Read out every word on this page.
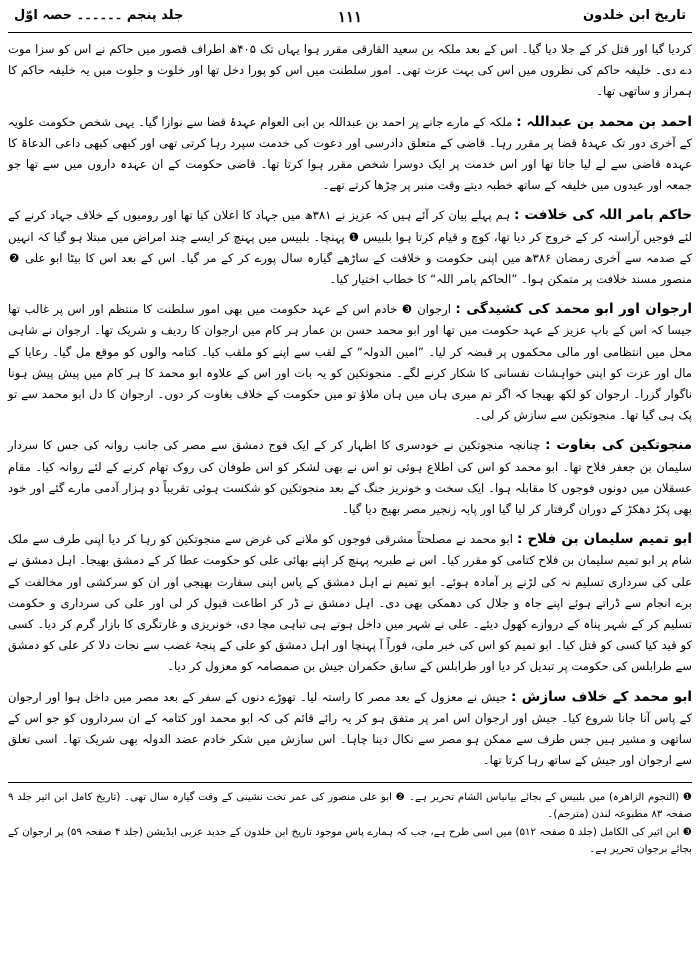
تاریخ ابن خلدون
۱۱۱
جلد پنجم ۔۔۔۔۔۔ حصہ اوّل

کردیا گیا اور قتل کر کے جلا دیا گیا۔ اس کے بعد ملکہ بن سعید القارقی مقرر ہوا یہاں تک ۴۰۵ھ اطراف قصور میں حاکم نے اس کو سزا موت دے دی۔ خلیفہ حاکم کی نظروں میں اس کی بہت عزت تھی۔ امور سلطنت میں اس کو پورا دخل تھا اور خلوت و جلوت میں یہ خلیفہ حاکم کا ہمراز و ساتھی تھا۔

احمد بن محمد بن عبداللہ : ملکہ کے مارے جانے پر احمد بن عبداللہ بن ابی العوام عہدۂ قضا سے نوازا گیا۔ یہی شخص حکومت علویہ کے آخری دور تک عہدۂ قضا پر مقرر رہا۔ قاضی کے متعلق دادرسی اور دعوت کی خدمت سپرد رہا کرتی تھی اور کبھی کبھی داعی الدعاۃ کا عہدہ قاضی سے لے لیا جاتا تھا اور اس خدمت پر ایک دوسرا شخص مقرر ہوا کرتا تھا۔ قاضی حکومت کے ان عہدہ داروں میں سے تھا جو جمعہ اور عیدوں میں خلیفہ کے ساتھ خطبہ دیتے وقت منبر پر چڑھا کرتے تھے۔

حاکم بامر اللہ کی خلافت : ہم پہلے بیان کر آئے ہیں کہ عزیز نے ۳۸۱ھ میں جہاد کا اعلان کیا تھا اور رومیوں کے خلاف جہاد کرنے کے لئے فوجیں آراستہ کر کے خروج کر دیا تھا، کوچ و قیام کرتا ہوا بلبیس ❶ پہنچا۔ بلبیس میں پہنچ کر ایسے چند امراض میں مبتلا ہو گیا کہ انہیں کے صدمہ سے آخری رمضان ۳۸۶ھ میں اپنی حکومت و خلافت کے ساڑھے گیارہ سال پورے کر کے مر گیا۔ اس کے بعد اس کا بیٹا ابو علی ❷ منصور مسند خلافت پر متمکن ہوا۔ ”الحاکم بامر اللہ“ کا خطاب اختیار کیا۔

ارجوان اور ابو محمد کی کشیدگی : ارجوان ❸ خادم اس کے عہد حکومت میں بھی امور سلطنت کا منتظم اور اس پر غالب تھا جیسا کہ اس کے باپ عزیز کے عہد حکومت میں تھا اور ابو محمد حسن بن عمار ہر کام میں ارجوان کا ردیف و شریک تھا۔ ارجوان نے شاہی محل میں انتظامی اور مالی محکموں پر قبضہ کر لیا۔ ”امین الدولہ“ کے لقب سے اپنے کو ملقب کیا۔ کتامہ والوں کو موقع مل گیا۔ رعایا کے مال اور عزت کو اپنی خواہشات نفسانی کا شکار کرنے لگے۔ منجوتکین کو یہ بات اور اس کے علاوہ ابو محمد کا ہر کام میں پیش پیش ہونا ناگوار گزرا۔ ارجوان کو لکھ بھیجا کہ اگر تم میری ہاں میں ہاں ملاؤ تو میں حکومت کے خلاف بغاوت کر دوں۔ ارجوان کا دل ابو محمد سے تو پک ہی گیا تھا۔ منجوتکین سے سازش کر لی۔

منجوتکین کی بغاوت : چنانچہ منجوتکین نے خودسری کا اظہار کر کے ایک فوج دمشق سے مصر کی جانب روانہ کی جس کا سردار سلیمان بن جعفر فلاح تھا۔ ابو محمد کو اس کی اطلاع ہوئی تو اس نے بھی لشکر کو اس طوفان کی روک تھام کرنے کے لئے روانہ کیا۔ مقام عسقلان میں دونوں فوجوں کا مقابلہ ہوا۔ ایک سخت و خونریز جنگ کے بعد منجوتکین کو شکست ہوئی تقریباً دو ہزار آدمی مارے گئے اور خود بھی پکڑ دھکڑ کے دوران گرفتار کر لیا گیا اور پابہ زنجیر مصر بھیج دیا گیا۔

ابو تمیم سلیمان بن فلاح : ابو محمد نے مصلحتاً مشرقی فوجوں کو ملانے کی غرض سے منجوتکین کو رہا کر دیا اپنی طرف سے ملک شام پر ابو تمیم سلیمان بن فلاح کتامی کو مقرر کیا۔ اس نے طبریہ پہنچ کر اپنے بھائی علی کو حکومت عطا کر کے دمشق بھیجا۔ اہل دمشق نے علی کی سرداری تسلیم نہ کی لڑنے پر آمادہ ہوئے۔ ابو تمیم نے اہل دمشق کے پاس اپنی سفارت بھیجی اور ان کو سرکشی اور مخالفت کے برے انجام سے ڈراتے ہوئے اپنے جاہ و جلال کی دھمکی بھی دی۔ اہل دمشق نے ڈر کر اطاعت قبول کر لی اور علی کی سرداری و حکومت تسلیم کر کے شہر پناہ کے دروازے کھول دیئے۔ علی نے شہر میں داخل ہوتے ہی تباہی مچا دی، خونریزی و غارتگری کا بازار گرم کر دیا۔ کسی کو قید کیا کسی کو قتل کیا۔ ابو تمیم کو اس کی خبر ملی، فوراً آ پہنچا اور اہل دمشق کو علی کے پنجۂ غضب سے نجات دلا کر علی کو دمشق سے طرابلس کی حکومت پر تبدیل کر دیا اور طرابلس کے سابق حکمران جیش بن صمصامہ کو معزول کر دیا۔

ابو محمد کے خلاف سازش : جیش نے معزول کے بعد مصر کا راستہ لیا۔ تھوڑے دنوں کے سفر کے بعد مصر میں داخل ہوا اور ارجوان کے پاس آنا جانا شروع کیا۔ جیش اور ارجوان اس امر پر متفق ہو کر یہ رائے قائم کی کہ ابو محمد اور کتامہ کے ان سرداروں کو جو اس کے ساتھی و مشیر ہیں جس طرف سے ممکن ہو مصر سے نکال دینا چاہا۔ اس سازش میں شکر خادم عضد الدولہ بھی شریک تھا۔ اسی تعلق سے ارجوان اور جیش کے ساتھ رہا کرتا تھا۔

❶ (النجوم الزاھرہ) میں بلبیس کے بجائے بیانیاس الشام تحریر ہے۔ ❷ ابو علی منصور کی عمر تخت نشینی کے وقت گیارہ سال تھی۔ (تاریخ کامل ابن اثیر جلد ۹ صفحہ ۸۳ مطبوعہ لندن (مترجم)۔

❸ ابن اثیر کی الکامل (جلد ۵ صفحہ ۵۱۲) میں اسی طرح ہے، جب کہ ہمارے پاس موجود تاریخ ابن خلدون کے جدید عربی ایڈیشن (جلد ۴ صفحہ ۵۹) پر ارجوان کے بجائے برجوان تحریر ہے۔
